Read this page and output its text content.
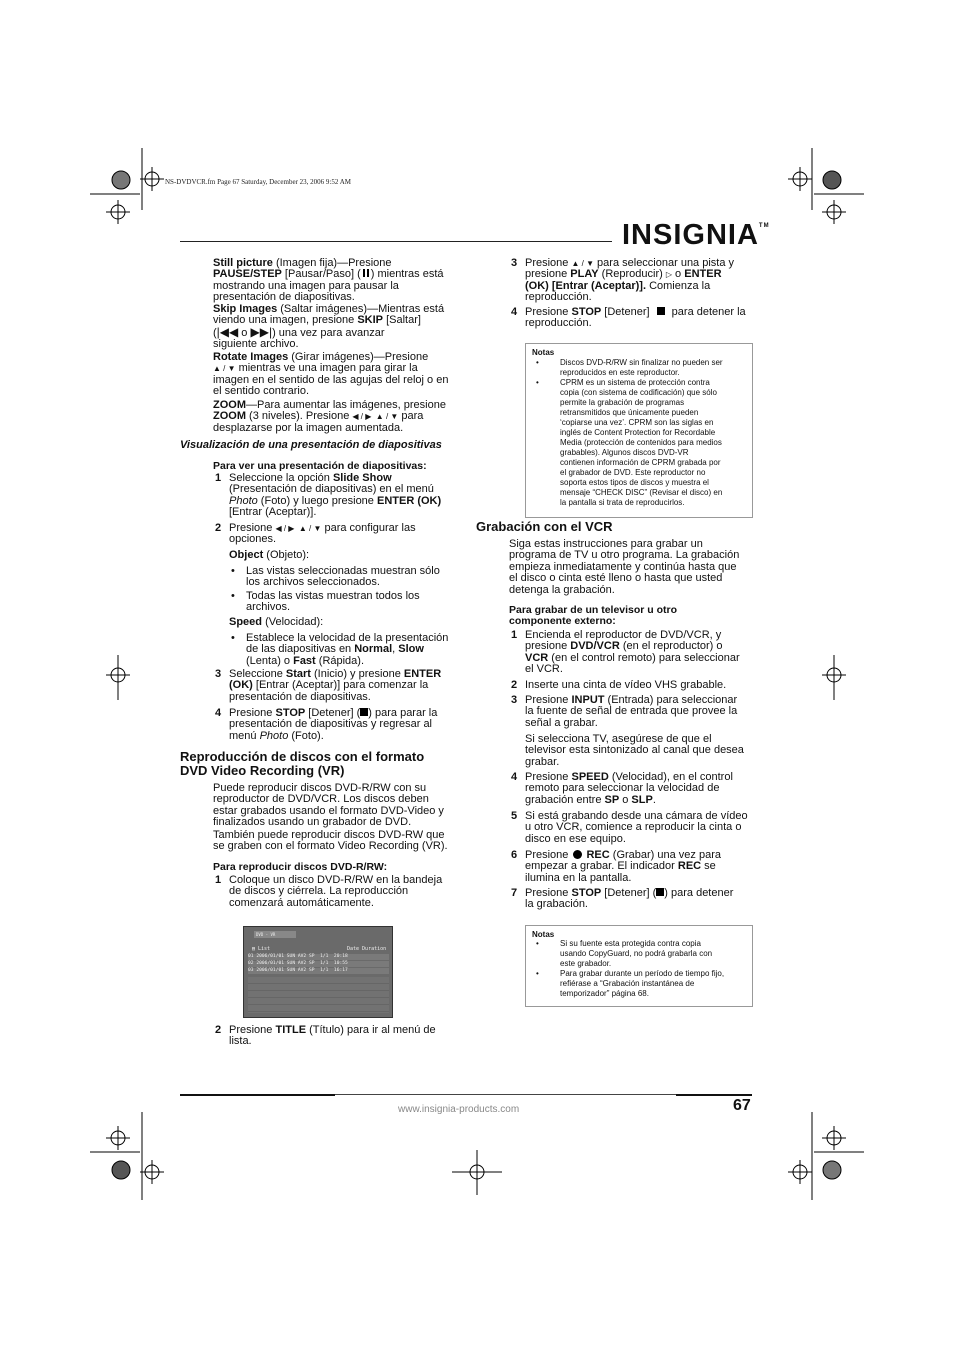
NS-DVDVCR.fm Page 67 Saturday, December 23, 2006 9:52 AM
INSIGNIA™
Still picture (Imagen fija)—Presione
PAUSE/STEP [Pausar/Paso] ( ) mientras está
mostrando una imagen para pausar la
presentación de diapositivas.
Skip Images (Saltar imágenes)—Mientras está
viendo una imagen, presione SKIP [Saltar]
(|◀◀ o ▶▶|) una vez para avanzar
siguiente archivo.
Rotate Images (Girar imágenes)—Presione
▲ / ▼ mientras ve una imagen para girar la
imagen en el sentido de las agujas del reloj o en
el sentido contrario.
ZOOM—Para aumentar las imágenes, presione
ZOOM (3 niveles). Presione ◀ / ▶  ▲ / ▼ para
desplazarse por la imagen aumentada.
Visualización de una presentación de diapositivas
Para ver una presentación de diapositivas:
1 Seleccione la opción Slide Show
(Presentación de diapositivas) en el menú
Photo (Foto) y luego presione ENTER (OK)
[Entrar (Aceptar)].
2 Presione ◀ / ▶  ▲ / ▼ para configurar las
opciones.
Object (Objeto):
• Las vistas seleccionadas muestran sólo
los archivos seleccionados.
• Todas las vistas muestran todos los
archivos.
Speed (Velocidad):
• Establece la velocidad de la presentación
de las diapositivas en Normal, Slow
(Lenta) o Fast (Rápida).
3 Seleccione Start (Inicio) y presione ENTER
(OK) [Entrar (Aceptar)] para comenzar la
presentación de diapositivas.
4 Presione STOP [Detener] ( ) para parar la
presentación de diapositivas y regresar al
menú Photo (Foto).
Reproducción de discos con el formato
DVD Video Recording (VR)
Puede reproducir discos DVD-R/RW con su
reproductor de DVD/VCR. Los discos deben
estar grabados usando el formato DVD-Video y
finalizados usando un grabador de DVD.
También puede reproducir discos DVD-RW que
se graben con el formato Video Recording (VR).
Para reproducir discos DVD-R/RW:
1 Coloque un disco DVD-R/RW en la bandeja
de discos y ciérrela. La reproducción
comenzará automáticamente.
DVD - VR
▤ List	Date Duration
01 2006/01/01 SUN AV2 SP 1/1 20:18
02 2006/01/01 SUN AV2 SP 1/1 10:55
03 2006/01/01 SUN AV2 SP 1/1 16:17
2 Presione TITLE (Título) para ir al menú de
lista.
3 Presione ▲ / ▼ para seleccionar una pista y
presione PLAY (Reproducir) ▷ o ENTER
(OK) [Entrar (Aceptar)]. Comienza la
reproducción.
4 Presione STOP [Detener]  para detener la
reproducción.
Notas
•	Discos DVD-R/RW sin finalizar no pueden ser
reproducidos en este reproductor.
•	CPRM es un sistema de protección contra
copia (con sistema de codificación) que sólo
permite la grabación de programas
retransmitidos que únicamente pueden
‘copiarse una vez’. CPRM son las siglas en
inglés de Content Protection for Recordable
Media (protección de contenidos para medios
grabables). Algunos discos DVD-VR
contienen información de CPRM grabada por
el grabador de DVD. Este reproductor no
soporta estos tipos de discos y muestra el
mensaje “CHECK DISC” (Revisar el disco) en
la pantalla si trata de reproducirlos.
Grabación con el VCR
Siga estas instrucciones para grabar un
programa de TV u otro programa. La grabación
empieza inmediatamente y continúa hasta que
el disco o cinta esté lleno o hasta que usted
detenga la grabación.
Para grabar de un televisor u otro
componente externo:
1 Encienda el reproductor de DVD/VCR, y
presione DVD/VCR (en el reproductor) o
VCR (en el control remoto) para seleccionar
el VCR.
2 Inserte una cinta de vídeo VHS grabable.
3 Presione INPUT (Entrada) para seleccionar
la fuente de señal de entrada que provee la
señal a grabar.
Si selecciona TV, asegúrese de que el
televisor esta sintonizado al canal que desea
grabar.
4 Presione SPEED (Velocidad), en el control
remoto para seleccionar la velocidad de
grabación entre SP o SLP.
5 Si está grabando desde una cámara de vídeo
u otro VCR, comience a reproducir la cinta o
disco en ese equipo.
6 Presione REC (Grabar) una vez para
empezar a grabar. El indicador REC se
ilumina en la pantalla.
7 Presione STOP [Detener] ( ) para detener
la grabación.
Notas
•	Si su fuente esta protegida contra copia
usando CopyGuard, no podrá grabarla con
este grabador.
•	Para grabar durante un período de tiempo fijo,
refiérase a “Grabación instantánea de
temporizador” página 68.
www.insignia-products.com	67
